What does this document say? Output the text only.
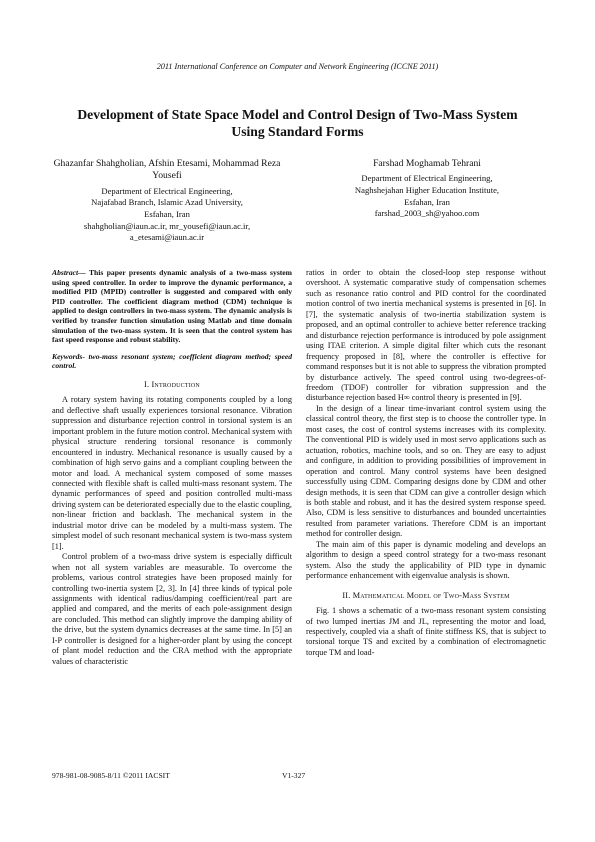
2011 International Conference on Computer and Network Engineering (ICCNE 2011)
Development of State Space Model and Control Design of Two-Mass System Using Standard Forms
Ghazanfar Shahgholian, Afshin Etesami, Mohammad Reza Yousefi
Department of Electrical Engineering,
Najafabad Branch, Islamic Azad University,
Esfahan, Iran
shahgholian@iaun.ac.ir, mr_yousefi@iaun.ac.ir, a_etesami@iaun.ac.ir
Farshad Moghamab Tehrani
Department of Electrical Engineering,
Naghshejahan Higher Education Institute,
Esfahan, Iran
farshad_2003_sh@yahoo.com

Abstract— This paper presents dynamic analysis of a two-mass system using speed controller. In order to improve the dynamic performance, a modified PID (MPID) controller is suggested and compared with only PID controller. The coefficient diagram method (CDM) technique is applied to design controllers in two-mass system. The dynamic analysis is verified by transfer function simulation using Matlab and time domain simulation of the two-mass system. It is seen that the control system has fast speed response and robust stability.

Keywords- two-mass resonant system; coefficient diagram method; speed control.

I. Introduction

A rotary system having its rotating components coupled by a long and deflective shaft usually experiences torsional resonance. Vibration suppression and disturbance rejection control in torsional system is an important problem in the future motion control. Mechanical system with physical structure rendering torsional resonance is commonly encountered in industry. Mechanical resonance is usually caused by a combination of high servo gains and a compliant coupling between the motor and load. A mechanical system composed of some masses connected with flexible shaft is called multi-mass resonant system. The dynamic performances of speed and position controlled multi-mass driving system can be deteriorated especially due to the elastic coupling, non-linear friction and backlash. The mechanical system in the industrial motor drive can be modeled by a multi-mass system. The simplest model of such resonant mechanical system is two-mass system [1].

Control problem of a two-mass drive system is especially difficult when not all system variables are measurable. To overcome the problems, various control strategies have been proposed mainly for controlling two-inertia system [2, 3]. In [4] three kinds of typical pole assignments with identical radius/damping coefficient/real part are applied and compared, and the merits of each pole-assignment design are concluded. This method can slightly improve the damping ability of the drive, but the system dynamics decreases at the same time. In [5] an I-P controller is designed for a higher-order plant by using the concept of plant model reduction and the CRA method with the appropriate values of characteristic

ratios in order to obtain the closed-loop step response without overshoot. A systematic comparative study of compensation schemes such as resonance ratio control and PID control for the coordinated motion control of two inertia mechanical systems is presented in [6]. In [7], the systematic analysis of two-inertia stabilization system is proposed, and an optimal controller to achieve better reference tracking and disturbance rejection performance is introduced by pole assignment using ITAE criterion. A simple digital filter which cuts the resonant frequency proposed in [8], where the controller is effective for command responses but it is not able to suppress the vibration prompted by disturbance actively. The speed control using two-degrees-of-freedom (TDOF) controller for vibration suppression and the disturbance rejection based H∞ control theory is presented in [9].

In the design of a linear time-invariant control system using the classical control theory, the first step is to choose the controller type. In most cases, the cost of control systems increases with its complexity. The conventional PID is widely used in most servo applications such as actuation, robotics, machine tools, and so on. They are easy to adjust and configure, in addition to providing possibilities of improvement in operation and control. Many control systems have been designed successfully using CDM. Comparing designs done by CDM and other design methods, it is seen that CDM can give a controller design which is both stable and robust, and it has the desired system response speed. Also, CDM is less sensitive to disturbances and bounded uncertainties resulted from parameter variations. Therefore CDM is an important method for controller design.

The main aim of this paper is dynamic modeling and develops an algorithm to design a speed control strategy for a two-mass resonant system. Also the study the applicability of PID type in dynamic performance enhancement with eigenvalue analysis is shown.

II. Mathematical Model of Two-Mass System

Fig. 1 shows a schematic of a two-mass resonant system consisting of two lumped inertias JM and JL, representing the motor and load, respectively, coupled via a shaft of finite stiffness KS, that is subject to torsional torque TS and excited by a combination of electromagnetic torque TM and load-

978-981-08-9085-8/11 ©2011 IACSIT	V1-327
